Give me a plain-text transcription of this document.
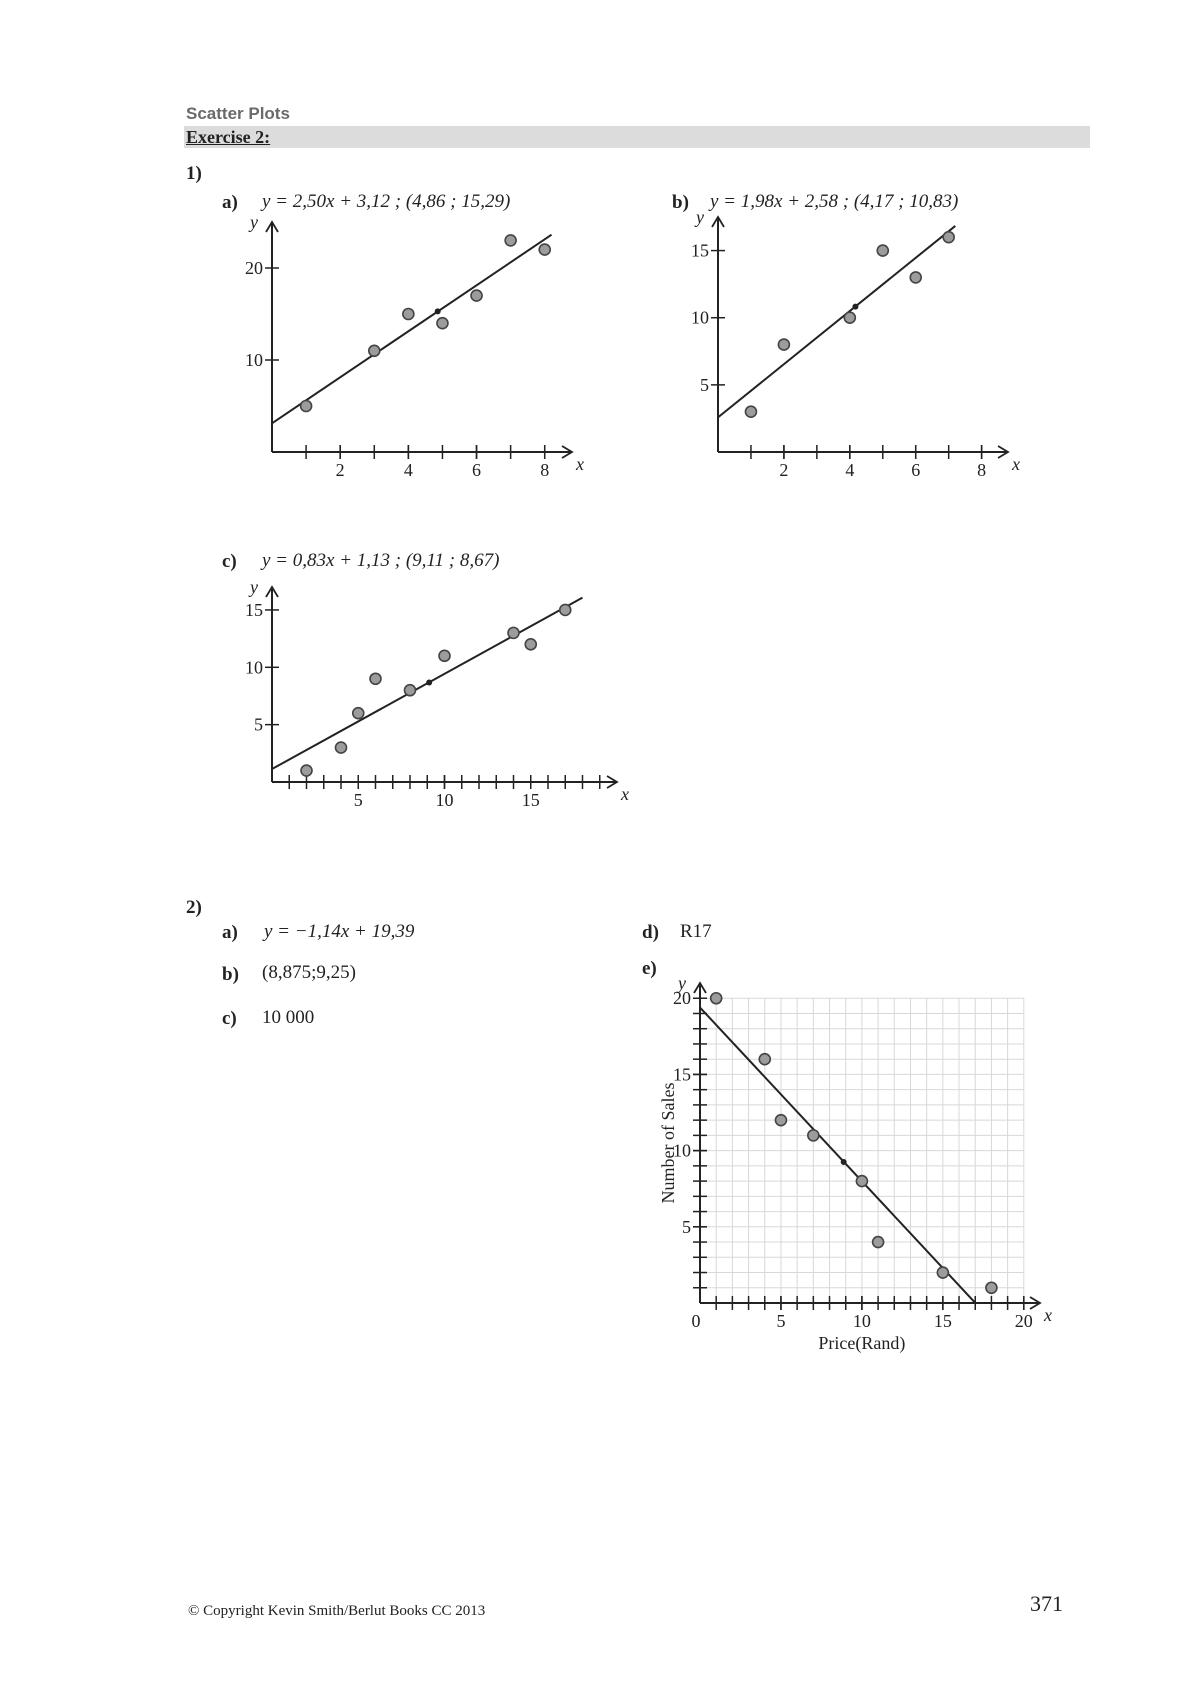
Scatter Plots
Exercise 2:
1)
a) y = 2,50x + 3,12 ; (4,86 ; 15,29)	b) y = 1,98x + 2,58 ; (4,17 ; 10,83)
c) y = 0,83x + 1,13 ; (9,11 ; 8,67)
x
y
2	4	6	8
10
20
x
y
2	4	6	8
5
10
15
x
y
5	10	15
5
10
15
x
y
5	10	15	20
5
10
15
20
0
Price(Rand)
Number of Sales
2)
a) y = −1,14x + 19,39
b) (8,875;9,25)
c) 10 000
d) R17
e)
© Copyright Kevin Smith/Berlut Books CC 2013	371
